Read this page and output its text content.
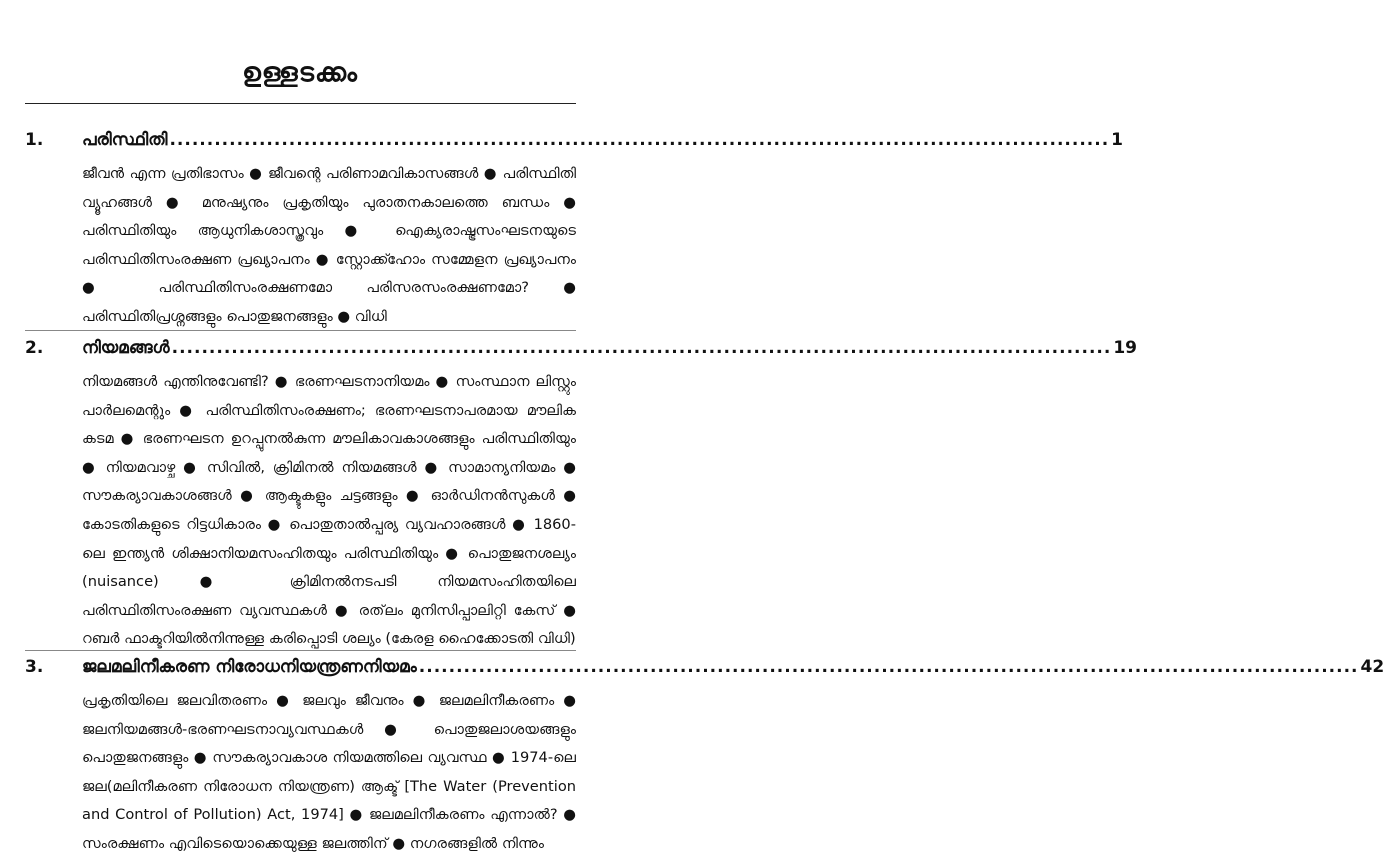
ഉള്ളടക്കം
1. പരിസ്ഥിതി .............................................................................................................................. 1
ജീവൻ എന്ന പ്രതിഭാസം ● ജീവന്റെ പരിണാമവികാസങ്ങൾ ● പരിസ്ഥിതി വ്യൂഹങ്ങൾ ● മനുഷ്യനും പ്രകൃതിയും പുരാതനകാലത്തെ ബന്ധം ● പരിസ്ഥിതിയും ആധുനികശാസ്ത്രവും ● ഐക്യരാഷ്ട്രസംഘടനയുടെ പരിസ്ഥിതിസംരക്ഷണ പ്രഖ്യാപനം ● സ്റ്റോക്ക്ഹോം സമ്മേളന പ്രഖ്യാപനം ● പരിസ്ഥിതിസംരക്ഷണമോ പരിസരസംരക്ഷണമോ? ● പരിസ്ഥിതിപ്രശ്നങ്ങളും പൊതുജനങ്ങളും ● വിധി
2. നിയമങ്ങൾ .............................................................................................................................. 19
നിയമങ്ങൾ എന്തിനുവേണ്ടി? ● ഭരണഘടനാനിയമം ● സംസ്ഥാന ലിസ്റ്റും പാർലമെന്റും ● പരിസ്ഥിതിസംരക്ഷണം; ഭരണഘടനാപരമായ മൗലിക കടമ ● ഭരണഘടന ഉറപ്പുനൽകുന്ന മൗലികാവകാശങ്ങളും പരിസ്ഥിതിയും ● നിയമവാഴ്ച ● സിവിൽ, ക്രിമിനൽ നിയമങ്ങൾ ● സാമാന്യനിയമം ● സൗകര്യാവകാശങ്ങൾ ● ആക്ടുകളും ചട്ടങ്ങളും ● ഓർഡിനൻസുകൾ ● കോടതികളുടെ റിട്ടധികാരം ● പൊതുതാൽപ്പര്യ വ്യവഹാരങ്ങൾ ● 1860-ലെ ഇന്ത്യൻ ശിക്ഷാനിയമസംഹിതയും പരിസ്ഥിതിയും ● പൊതുജനശല്യം (nuisance) ● ക്രിമിനൽനടപടി നിയമസംഹിതയിലെ പരിസ്ഥിതിസംരക്ഷണ വ്യവസ്ഥകൾ ● രത്‌ലം മുനിസിപ്പാലിറ്റി കേസ് ● റബർ ഫാക്ടറിയിൽനിന്നുള്ള കരിപ്പൊടി ശല്യം (കേരള ഹൈക്കോടതി വിധി)
3. ജലമലിനീകരണ നിരോധനിയന്ത്രണനിയമം .............................................................................................................................. 42
പ്രകൃതിയിലെ ജലവിതരണം ● ജലവും ജീവനും ● ജലമലിനീകരണം ● ജലനിയമങ്ങൾ-ഭരണഘടനാവ്യവസ്ഥകൾ ● പൊതുജലാശയങ്ങളും പൊതുജനങ്ങളും ● സൗകര്യാവകാശ നിയമത്തിലെ വ്യവസ്ഥ ● 1974-ലെ ജല(മലിനീകരണ നിരോധന നിയന്ത്രണ) ആക്ട് [The Water (Prevention and Control of Pollution) Act, 1974] ● ജലമലിനീകരണം എന്നാൽ? ● സംരക്ഷണം എവിടെയൊക്കെയുള്ള ജലത്തിന് ● നഗരങ്ങളിൽ നിന്നും
